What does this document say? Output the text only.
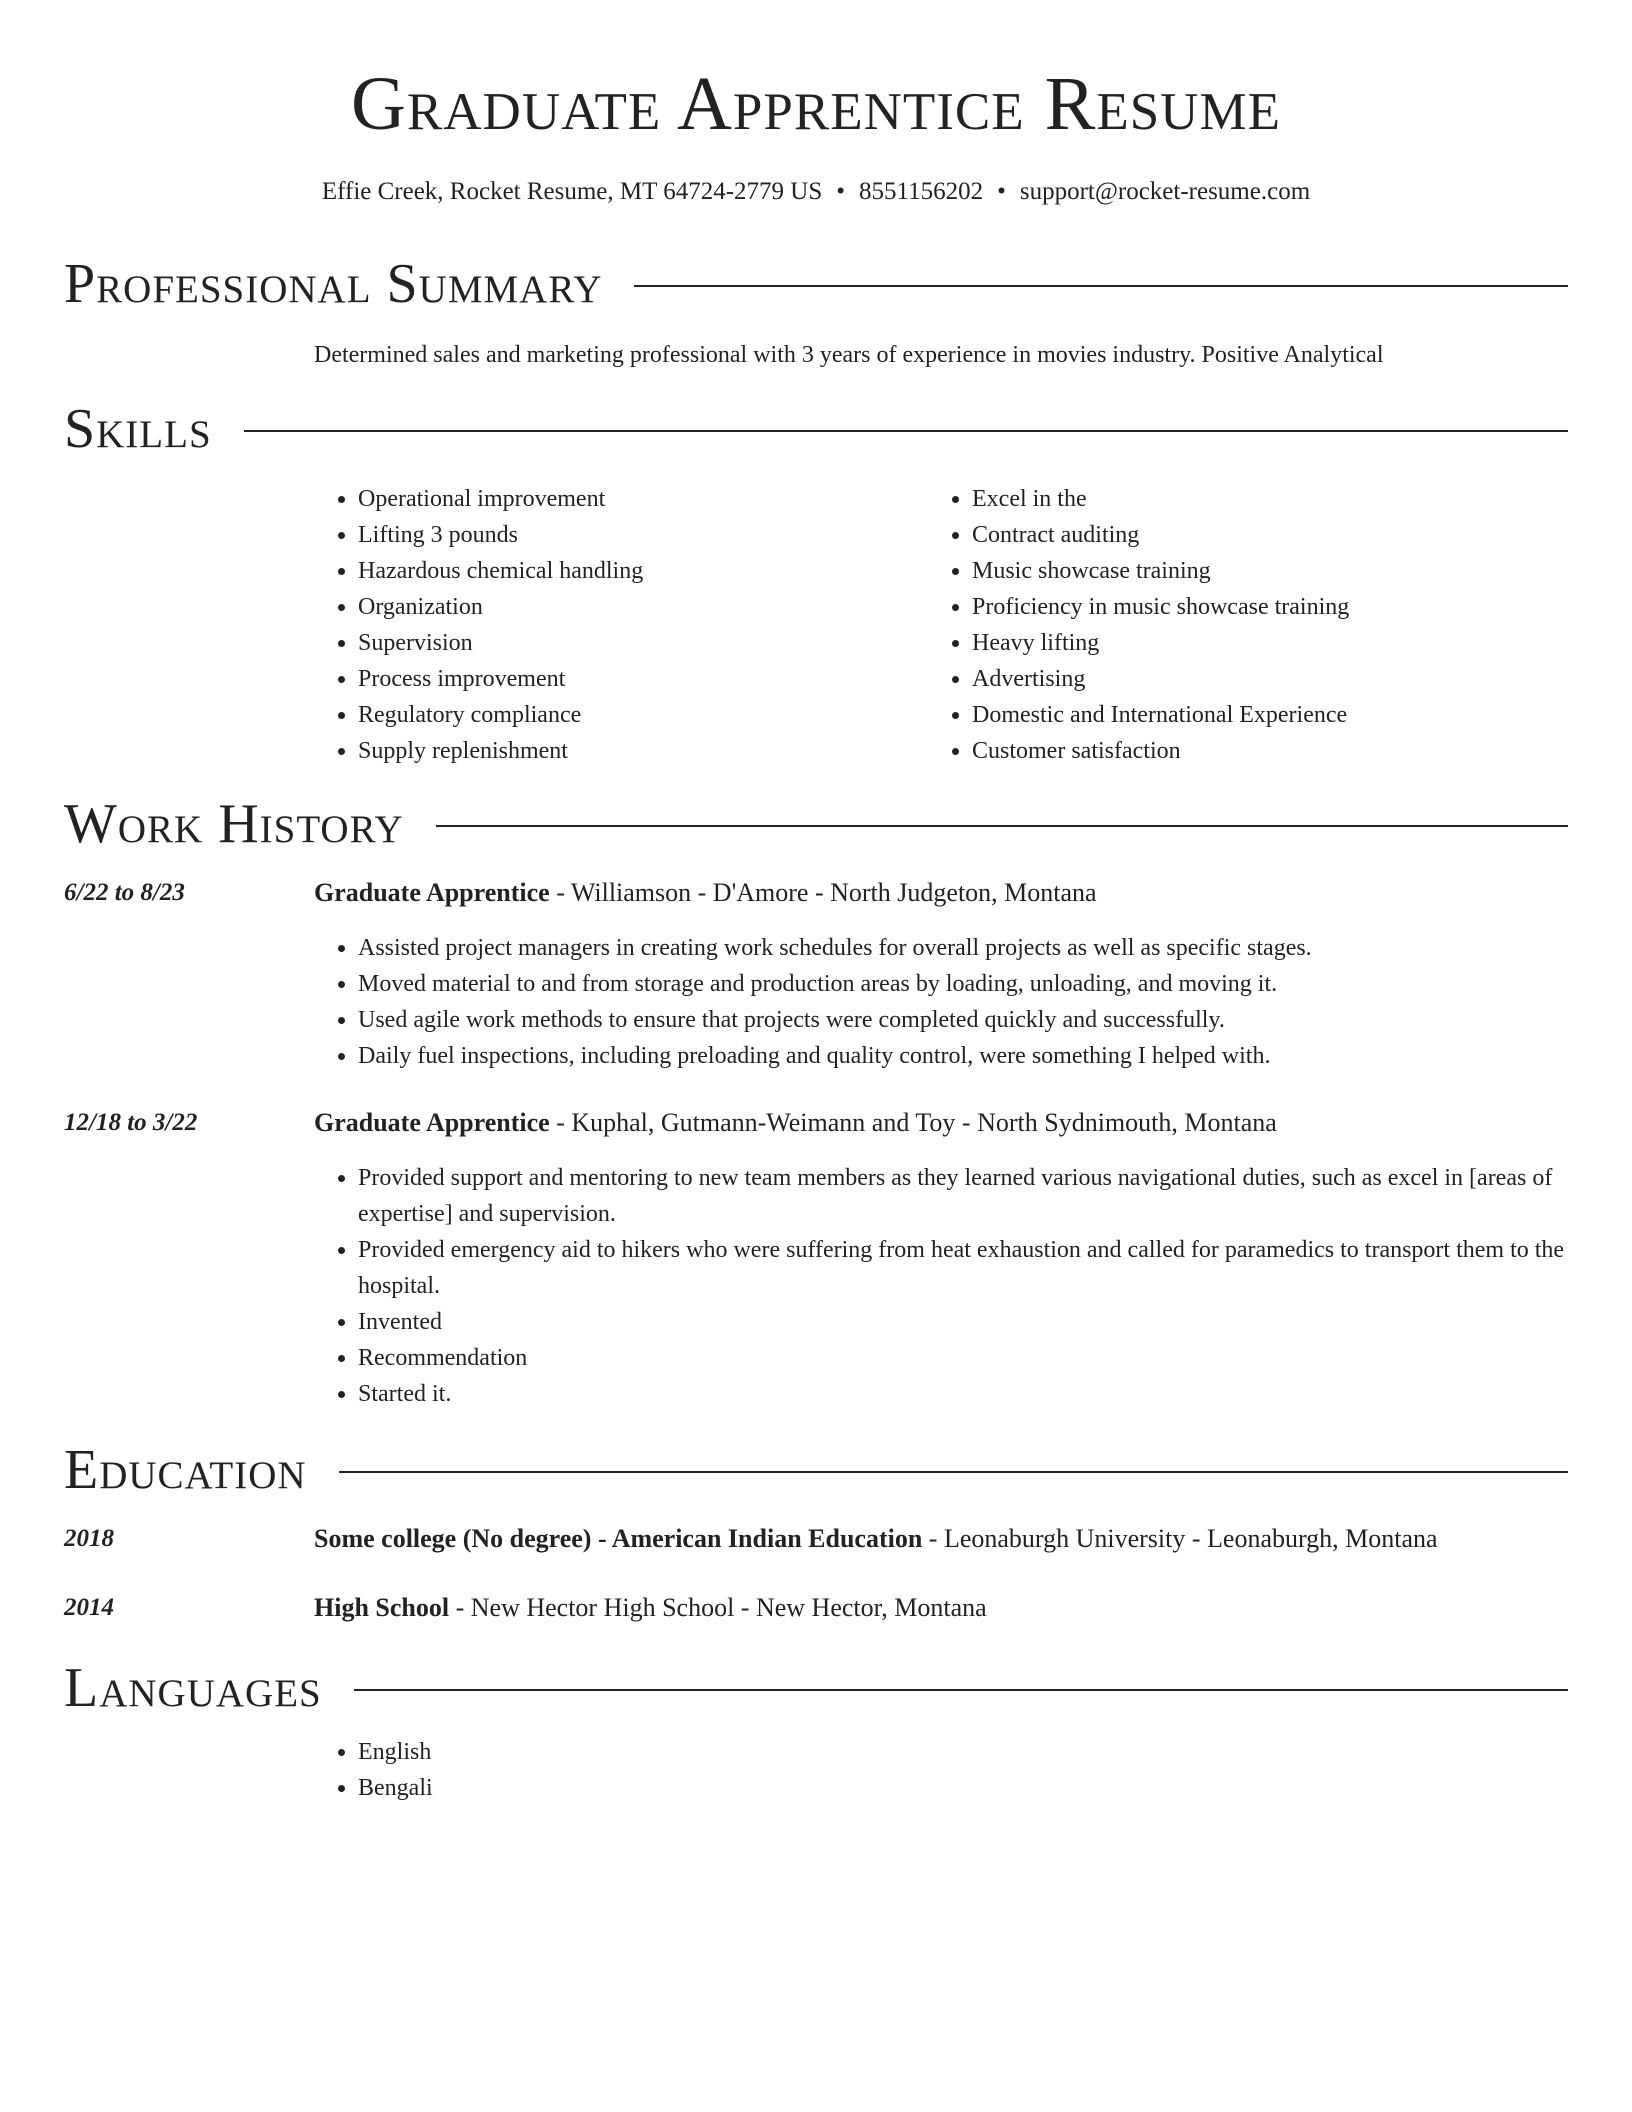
Graduate Apprentice Resume
Effie Creek, Rocket Resume, MT 64724-2779 US • 8551156202 • support@rocket-resume.com
Professional Summary
Determined sales and marketing professional with 3 years of experience in movies industry. Positive Analytical
Skills
• Operational improvement
• Lifting 3 pounds
• Hazardous chemical handling
• Organization
• Supervision
• Process improvement
• Regulatory compliance
• Supply replenishment
• Excel in the
• Contract auditing
• Music showcase training
• Proficiency in music showcase training
• Heavy lifting
• Advertising
• Domestic and International Experience
• Customer satisfaction
Work History
6/22 to 8/23	Graduate Apprentice - Williamson - D'Amore - North Judgeton, Montana
• Assisted project managers in creating work schedules for overall projects as well as specific stages.
• Moved material to and from storage and production areas by loading, unloading, and moving it.
• Used agile work methods to ensure that projects were completed quickly and successfully.
• Daily fuel inspections, including preloading and quality control, were something I helped with.
12/18 to 3/22	Graduate Apprentice - Kuphal, Gutmann-Weimann and Toy - North Sydnimouth, Montana
• Provided support and mentoring to new team members as they learned various navigational duties, such as excel in [areas of expertise] and supervision.
• Provided emergency aid to hikers who were suffering from heat exhaustion and called for paramedics to transport them to the hospital.
• Invented
• Recommendation
• Started it.
Education
2018	Some college (No degree) - American Indian Education - Leonaburgh University - Leonaburgh, Montana
2014	High School - New Hector High School - New Hector, Montana
Languages
• English
• Bengali
